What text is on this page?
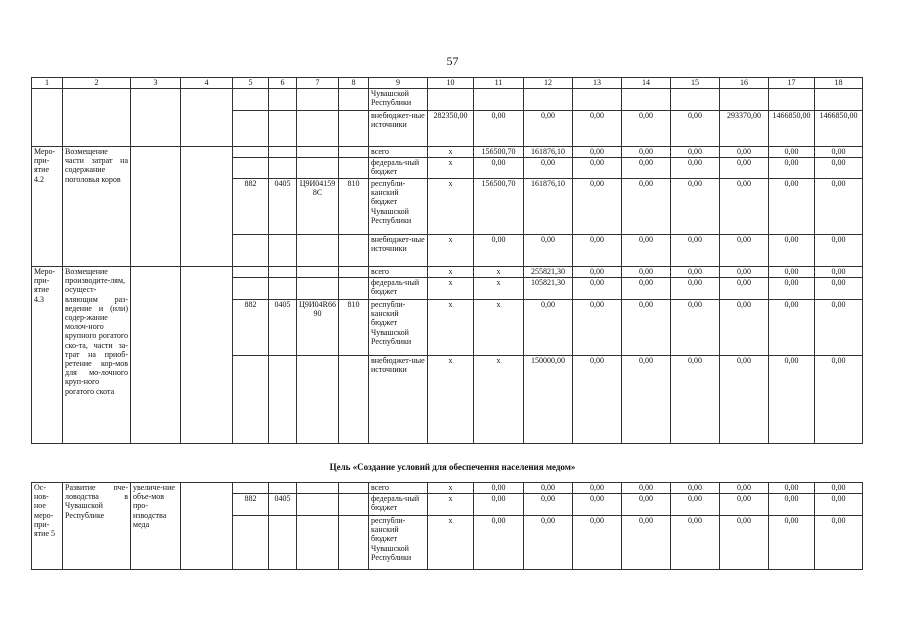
57
1	2	3	4	5	6	7	8	9	10	11	12	13	14	15	16	17	18
								Чувашской Республики									
								внебюджет-ные источники	282350,00	0,00	0,00	0,00	0,00	0,00	293370,00	1466850,00	1466850,00
Меро-при-ятие 4.2	Возмещение части затрат на содержание поголовья коров							всего	х	156500,70	161876,10	0,00	0,00	0,00	0,00	0,00	0,00
								федераль-ный бюджет	х	0,00	0,00	0,00	0,00	0,00	0,00	0,00	0,00
				882	0405	Ц9И041598С	810	республи-канский бюджет Чувашской Республики	х	156500,70	161876,10	0,00	0,00	0,00	0,00	0,00	0,00
								внебюджет-ные источники	х	0,00	0,00	0,00	0,00	0,00	0,00	0,00	0,00
Меро-при-ятие 4.3	Возмещение производите-лям, осущест-вляющим раз-ведение и (или) содер-жание молоч-ного крупного рогатого ско-та, части за-трат на приоб-ретение кор-мов для мо-лочного круп-ного рогатого скота							всего	х	х	255821,30	0,00	0,00	0,00	0,00	0,00	0,00
								федераль-ный бюджет	х	х	105821,30	0,00	0,00	0,00	0,00	0,00	0,00
				882	0405	Ц9И04R6690	810	республи-канский бюджет Чувашской Республики	х	х	0,00	0,00	0,00	0,00	0,00	0,00	0,00
								внебюджет-ные источники	х	х	150000,00	0,00	0,00	0,00	0,00	0,00	0,00
Цель «Создание условий для обеспечения населения медом»
Ос-нов-ное меро-при-ятие 5	Развитие пче-ловодства в Чувашской Республике	увеличе-ние объе-мов про-изводства меда						всего	х	0,00	0,00	0,00	0,00	0,00	0,00	0,00	0,00
				882	0405			федераль-ный бюджет	х	0,00	0,00	0,00	0,00	0,00	0,00	0,00	0,00
								республи-канский бюджет Чувашской Республики	х	0,00	0,00	0,00	0,00	0,00	0,00	0,00	0,00
